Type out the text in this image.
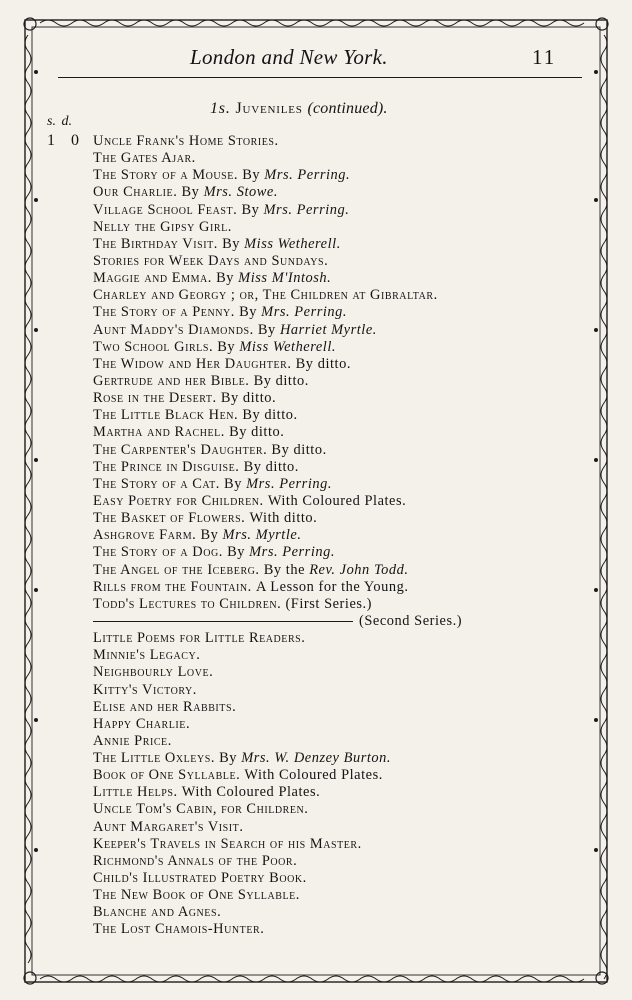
London and New York.	11
1s. Juveniles (continued).
s. d.
1 0 Uncle Frank's Home Stories.
The Gates Ajar.
The Story of a Mouse. By Mrs. Perring.
Our Charlie. By Mrs. Stowe.
Village School Feast. By Mrs. Perring.
Nelly the Gipsy Girl.
The Birthday Visit. By Miss Wetherell.
Stories for Week Days and Sundays.
Maggie and Emma. By Miss M'Intosh.
Charley and Georgy ; or, The Children at Gibraltar.
The Story of a Penny. By Mrs. Perring.
Aunt Maddy's Diamonds. By Harriet Myrtle.
Two School Girls. By Miss Wetherell.
The Widow and Her Daughter. By ditto.
Gertrude and her Bible. By ditto.
Rose in the Desert. By ditto.
The Little Black Hen. By ditto.
Martha and Rachel. By ditto.
The Carpenter's Daughter. By ditto.
The Prince in Disguise. By ditto.
The Story of a Cat. By Mrs. Perring.
Easy Poetry for Children. With Coloured Plates.
The Basket of Flowers. With ditto.
Ashgrove Farm. By Mrs. Myrtle.
The Story of a Dog. By Mrs. Perring.
The Angel of the Iceberg. By the Rev. John Todd.
Rills from the Fountain. A Lesson for the Young.
Todd's Lectures to Children. (First Series.)
(Second Series.)
Little Poems for Little Readers.
Minnie's Legacy.
Neighbourly Love.
Kitty's Victory.
Elise and her Rabbits.
Happy Charlie.
Annie Price.
The Little Oxleys. By Mrs. W. Denzey Burton.
Book of One Syllable. With Coloured Plates.
Little Helps. With Coloured Plates.
Uncle Tom's Cabin, for Children.
Aunt Margaret's Visit.
Keeper's Travels in Search of his Master.
Richmond's Annals of the Poor.
Child's Illustrated Poetry Book.
The New Book of One Syllable.
Blanche and Agnes.
The Lost Chamois-Hunter.
